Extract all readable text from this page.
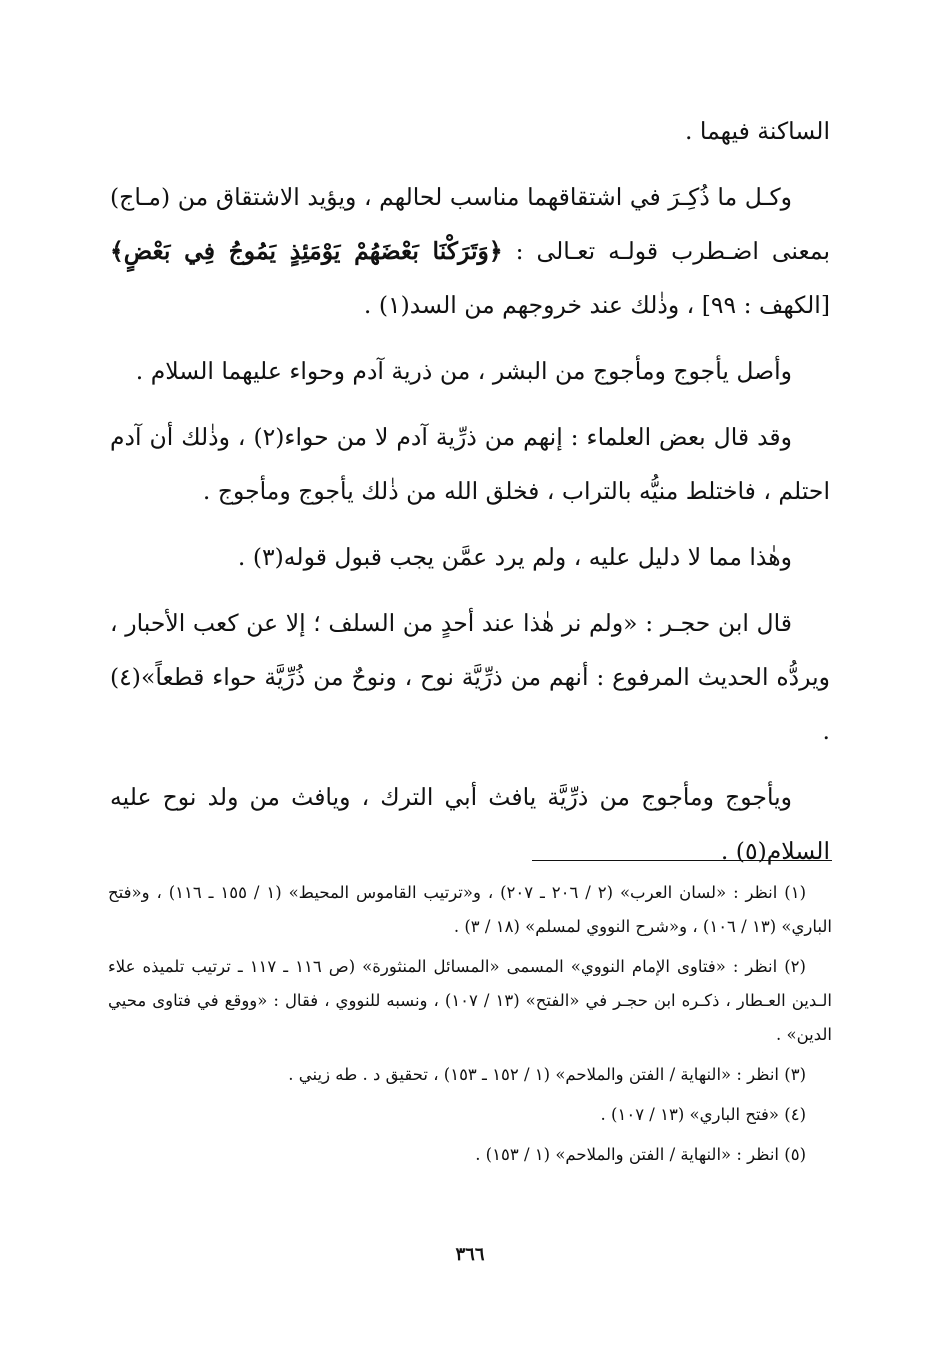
الساكنة فيهما .

وكـل ما ذُكِـرَ في اشتقاقهما مناسب لحالهم ، ويؤيد الاشتقاق من (مـاج) بمعنى اضـطرب قولـه تعـالى : ﴿وَتَرَكْنَا بَعْضَهُمْ يَوْمَئِذٍ يَمُوجُ فِي بَعْضٍ﴾ [الكهف : ٩٩] ، وذٰلك عند خروجهم من السد(١) .

وأصل يأجوج ومأجوج من البشر ، من ذرية آدم وحواء عليهما السلام .

وقد قال بعض العلماء : إنهم من ذرِّية آدم لا من حواء(٢) ، وذٰلك أن آدم احتلم ، فاختلط منيُّه بالتراب ، فخلق الله من ذٰلك يأجوج ومأجوج .

وهٰذا مما لا دليل عليه ، ولم يرد عمَّن يجب قبول قوله(٣) .

قال ابن حجـر : «ولم نر هٰذا عند أحدٍ من السلف ؛ إلا عن كعب الأحبار ، ويردُّه الحديث المرفوع : أنهم من ذرِّيَّة نوح ، ونوحٌ من ذُرِّيَّة حواء قطعاً»(٤) .

ويأجوج ومأجوج من ذرِّيَّة يافث أبي الترك ، ويافث من ولد نوح عليه السلام(٥) .

(١) انظر : «لسان العرب» (٢ / ٢٠٦ ـ ٢٠٧) ، و«ترتيب القاموس المحيط» (١ / ١٥٥ ـ ١١٦) ، و«فتح الباري» (١٣ / ١٠٦) ، و«شرح النووي لمسلم» (١٨ / ٣) .

(٢) انظر : «فتاوى الإمام النووي» المسمى «المسائل المنثورة» (ص ١١٦ ـ ١١٧ ـ ترتيب تلميذه علاء الـدين العـطار ، ذكـره ابن حجـر في «الفتح» (١٣ / ١٠٧) ، ونسبه للنووي ، فقال : «ووقع في فتاوى محيي الدين» .

(٣) انظر : «النهاية / الفتن والملاحم» (١ / ١٥٢ ـ ١٥٣) ، تحقيق د . طه زيني .

(٤) «فتح الباري» (١٣ / ١٠٧) .

(٥) انظر : «النهاية / الفتن والملاحم» (١ / ١٥٣) .

٣٦٦
